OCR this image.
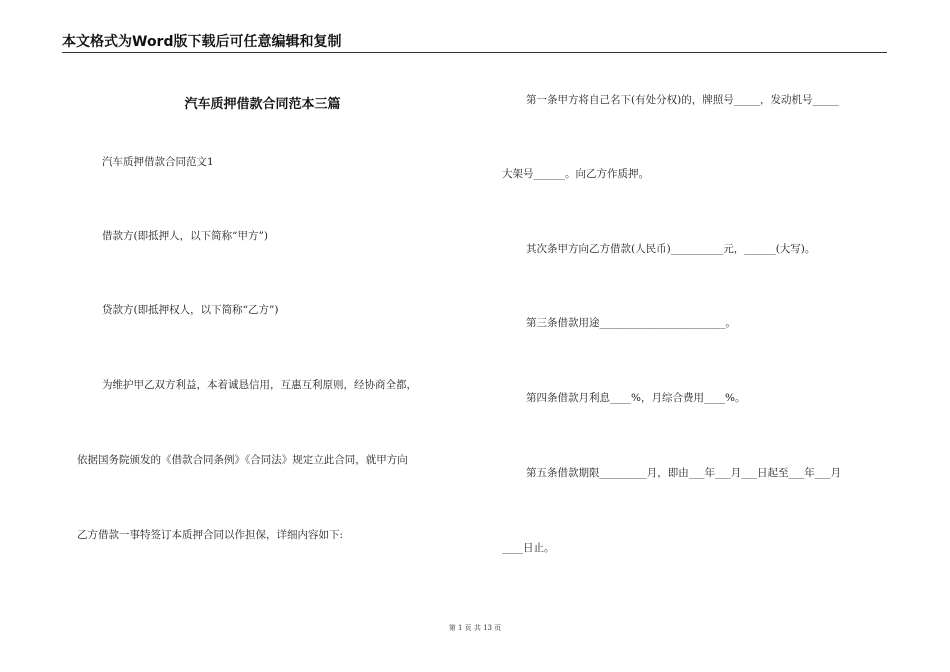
本文格式为Word版下载后可任意编辑和复制
汽车质押借款合同范本三篇
汽车质押借款合同范文1
借款方(即抵押人，以下简称“甲方”)
贷款方(即抵押权人，以下简称“乙方”)
为维护甲乙双方利益，本着诚恳信用，互惠互利原则，经协商全都，
依据国务院颁发的《借款合同条例》《合同法》规定立此合同，就甲方向
乙方借款一事特签订本质押合同以作担保，详细内容如下:
第一条甲方将自己名下(有处分权)的，牌照号_____，发动机号_____
大架号______。向乙方作质押。
其次条甲方向乙方借款(人民币)__________元，______(大写)。
第三条借款用途________________________。
第四条借款月利息____%，月综合费用____%。
第五条借款期限_________月，即由___年___月___日起至___年___月
____日止。
第 1 页 共 13 页
